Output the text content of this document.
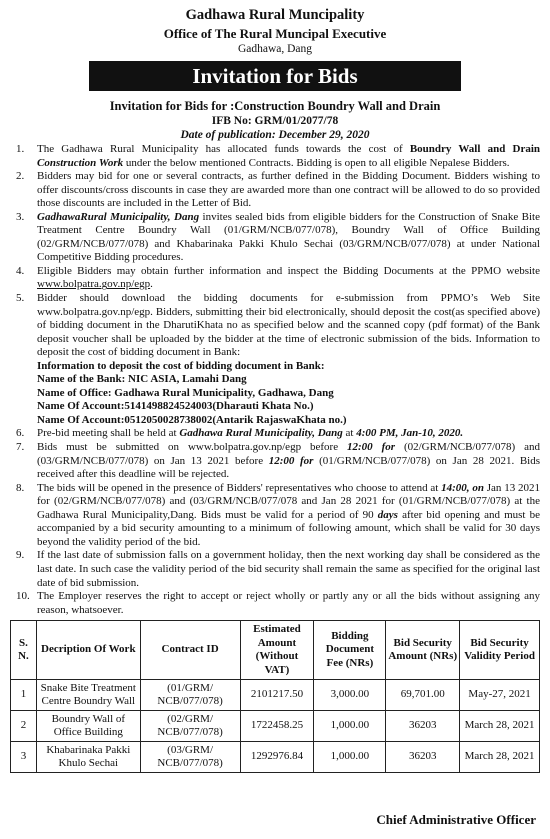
Gadhawa Rural Muncipality
Office of The Rural Muncipal Executive
Gadhawa, Dang
Invitation for Bids
Invitation for Bids for :Construction Boundry Wall and Drain
IFB No: GRM/01/2077/78
Date of publication: December 29, 2020
1. The Gadhawa Rural Municipality has allocated funds towards the cost of Boundry Wall and Drain Construction Work under the below mentioned Contracts. Bidding is open to all eligible Nepalese Bidders.
2. Bidders may bid for one or several contracts, as further defined in the Bidding Document. Bidders wishing to offer discounts/cross discounts in case they are awarded more than one contract will be allowed to do so provided those discounts are included in the Letter of Bid.
3. GadhawaRural Municipality, Dang invites sealed bids from eligible bidders for the Construction of Snake Bite Treatment Centre Boundry Wall (01/GRM/NCB/077/078), Boundry Wall of Office Building (02/GRM/NCB/077/078) and Khabarinaka Pakki Khulo Sechai (03/GRM/NCB/077/078) at under National Competitive Bidding procedures.
4. Eligible Bidders may obtain further information and inspect the Bidding Documents at the PPMO website www.bolpatra.gov.np/egp.
5. Bidder should download the bidding documents for e-submission from PPMO’s Web Site www.bolpatra.gov.np/egp. Bidders, submitting their bid electronically, should deposit the cost(as specified above) of bidding document in the DharutiKhata no as specified below and the scanned copy (pdf format) of the Bank deposit voucher shall be uploaded by the bidder at the time of electronic submission of the bids. Information to deposit the cost of bidding document in Bank:
Information to deposit the cost of bidding document in Bank:
Name of the Bank: NIC ASIA, Lamahi Dang
Name of Office: Gadhawa Rural Municipality, Gadhawa, Dang
Name Of Account:5141498824524003(Dharauti Khata No.)
Name Of Account:0512050028738002(Antarik RajaswaKhata no.)
6. Pre-bid meeting shall be held at Gadhawa Rural Municipality, Dang at 4:00 PM, Jan-10, 2020.
7. Bids must be submitted on www.bolpatra.gov.np/egp before 12:00 for (02/GRM/NCB/077/078) and (03/GRM/NCB/077/078) on Jan 13 2021 before 12:00 for (01/GRM/NCB/077/078) on Jan 28 2021. Bids received after this deadline will be rejected.
8. The bids will be opened in the presence of Bidders' representatives who choose to attend at 14:00, on Jan 13 2021 for (02/GRM/NCB/077/078) and (03/GRM/NCB/077/078 and Jan 28 2021 for (01/GRM/NCB/077/078) at the Gadhawa Rural Municipality,Dang. Bids must be valid for a period of 90 days after bid opening and must be accompanied by a bid security amounting to a minimum of following amount, which shall be valid for 30 days beyond the validity period of the bid.
9. If the last date of submission falls on a government holiday, then the next working day shall be considered as the last date. In such case the validity period of the bid security shall remain the same as specified for the original last date of bid submission.
10. The Employer reserves the right to accept or reject wholly or partly any or all the bids without assigning any reason, whatsoever.
S. N.	Decription Of Work	Contract ID	Estimated Amount (Without VAT)	Bidding Document Fee (NRs)	Bid Security Amount (NRs)	Bid Security Validity Period
1	Snake Bite Treatment Centre Boundry Wall	(01/GRM/ NCB/077/078)	2101217.50	3,000.00	69,701.00	May-27, 2021
2	Boundry Wall of Office Building	(02/GRM/ NCB/077/078)	1722458.25	1,000.00	36203	March 28, 2021
3	Khabarinaka Pakki Khulo Sechai	(03/GRM/ NCB/077/078)	1292976.84	1,000.00	36203	March 28, 2021
Chief Administrative Officer
